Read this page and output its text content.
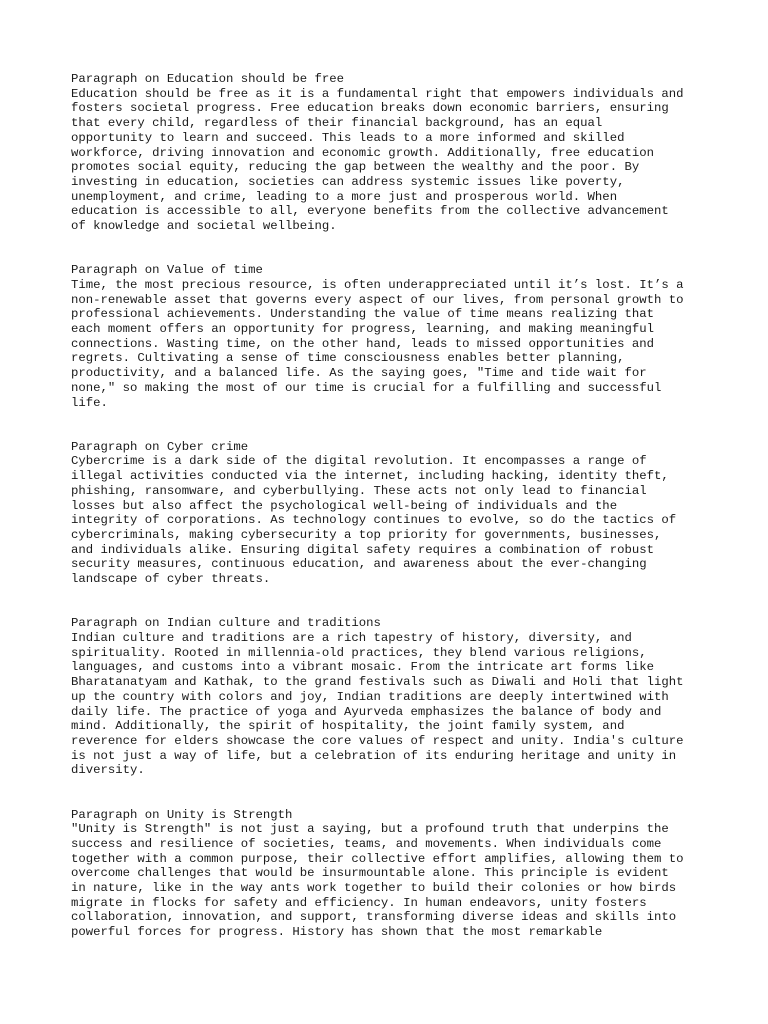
Paragraph on Education should be free

Education should be free as it is a fundamental right that empowers individuals and
fosters societal progress. Free education breaks down economic barriers, ensuring
that every child, regardless of their financial background, has an equal
opportunity to learn and succeed. This leads to a more informed and skilled
workforce, driving innovation and economic growth. Additionally, free education
promotes social equity, reducing the gap between the wealthy and the poor. By
investing in education, societies can address systemic issues like poverty,
unemployment, and crime, leading to a more just and prosperous world. When
education is accessible to all, everyone benefits from the collective advancement
of knowledge and societal wellbeing.

Paragraph on Value of time

Time, the most precious resource, is often underappreciated until it’s lost. It’s a
non-renewable asset that governs every aspect of our lives, from personal growth to
professional achievements. Understanding the value of time means realizing that
each moment offers an opportunity for progress, learning, and making meaningful
connections. Wasting time, on the other hand, leads to missed opportunities and
regrets. Cultivating a sense of time consciousness enables better planning,
productivity, and a balanced life. As the saying goes, "Time and tide wait for
none," so making the most of our time is crucial for a fulfilling and successful
life.

Paragraph on Cyber crime

Cybercrime is a dark side of the digital revolution. It encompasses a range of
illegal activities conducted via the internet, including hacking, identity theft,
phishing, ransomware, and cyberbullying. These acts not only lead to financial
losses but also affect the psychological well-being of individuals and the
integrity of corporations. As technology continues to evolve, so do the tactics of
cybercriminals, making cybersecurity a top priority for governments, businesses,
and individuals alike. Ensuring digital safety requires a combination of robust
security measures, continuous education, and awareness about the ever-changing
landscape of cyber threats.

Paragraph on Indian culture and traditions

Indian culture and traditions are a rich tapestry of history, diversity, and
spirituality. Rooted in millennia-old practices, they blend various religions,
languages, and customs into a vibrant mosaic. From the intricate art forms like
Bharatanatyam and Kathak, to the grand festivals such as Diwali and Holi that light
up the country with colors and joy, Indian traditions are deeply intertwined with
daily life. The practice of yoga and Ayurveda emphasizes the balance of body and
mind. Additionally, the spirit of hospitality, the joint family system, and
reverence for elders showcase the core values of respect and unity. India's culture
is not just a way of life, but a celebration of its enduring heritage and unity in
diversity.

Paragraph on Unity is Strength

"Unity is Strength" is not just a saying, but a profound truth that underpins the
success and resilience of societies, teams, and movements. When individuals come
together with a common purpose, their collective effort amplifies, allowing them to
overcome challenges that would be insurmountable alone. This principle is evident
in nature, like in the way ants work together to build their colonies or how birds
migrate in flocks for safety and efficiency. In human endeavors, unity fosters
collaboration, innovation, and support, transforming diverse ideas and skills into
powerful forces for progress. History has shown that the most remarkable
